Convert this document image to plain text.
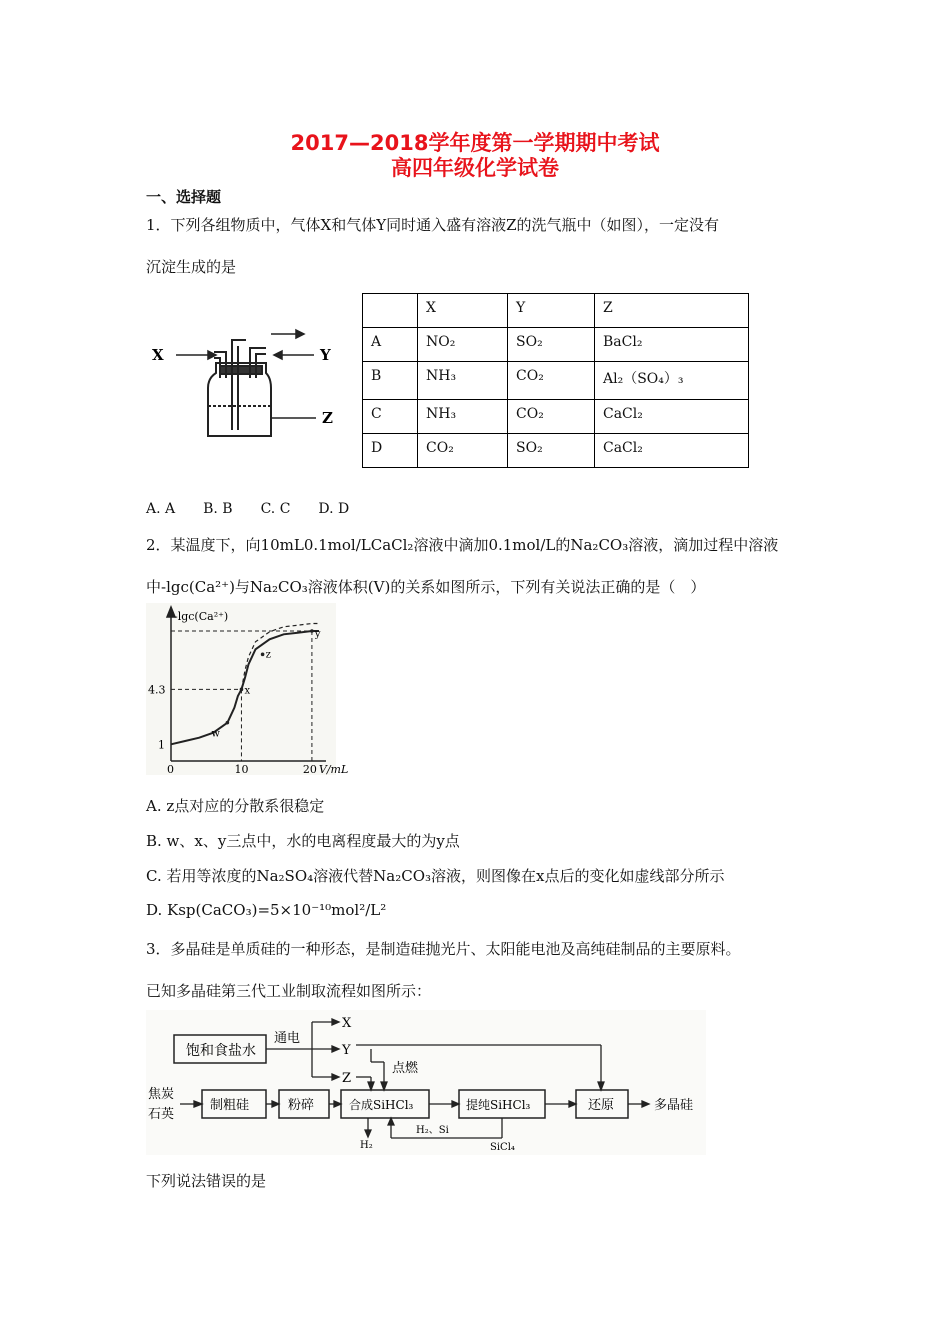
2017—2018学年度第一学期期中考试
高四年级化学试卷
一、选择题
1．下列各组物质中，气体X和气体Y同时通入盛有溶液Z的洗气瓶中（如图），一定没有
沉淀生成的是
X	Y
Z
	X	Y	Z
A	NO₂	SO₂	BaCl₂
B	NH₃	CO₂	Al₂（SO₄）₃
C	NH₃	CO₂	CaCl₂
D	CO₂	SO₂	CaCl₂
A. A　　B. B　　C. C　　D. D
2．某温度下，向10mL0.1mol/LCaCl₂溶液中滴加0.1mol/L的Na₂CO₃溶液，滴加过程中溶液
中-lgc(Ca²⁺)与Na₂CO₃溶液体积(V)的关系如图所示，下列有关说法正确的是（　）
-lgc(Ca²⁺)
4.3
1
0	10	20 V/mL
w
x
y
z
A. z点对应的分散系很稳定
B. w、x、y三点中，水的电离程度最大的为y点
C. 若用等浓度的Na₂SO₄溶液代替Na₂CO₃溶液，则图像在x点后的变化如虚线部分所示
D. Ksp(CaCO₃)=5×10⁻¹⁰mol²/L²
3．多晶硅是单质硅的一种形态，是制造硅抛光片、太阳能电池及高纯硅制品的主要原料。
已知多晶硅第三代工业制取流程如图所示：
饱和食盐水
通电
X
Y
Z
点燃
焦炭
石英
制粗硅	粉碎	合成SiHCl₃	提纯SiHCl₃	还原	多晶硅
H₂
H₂、Si
SiCl₄
下列说法错误的是
